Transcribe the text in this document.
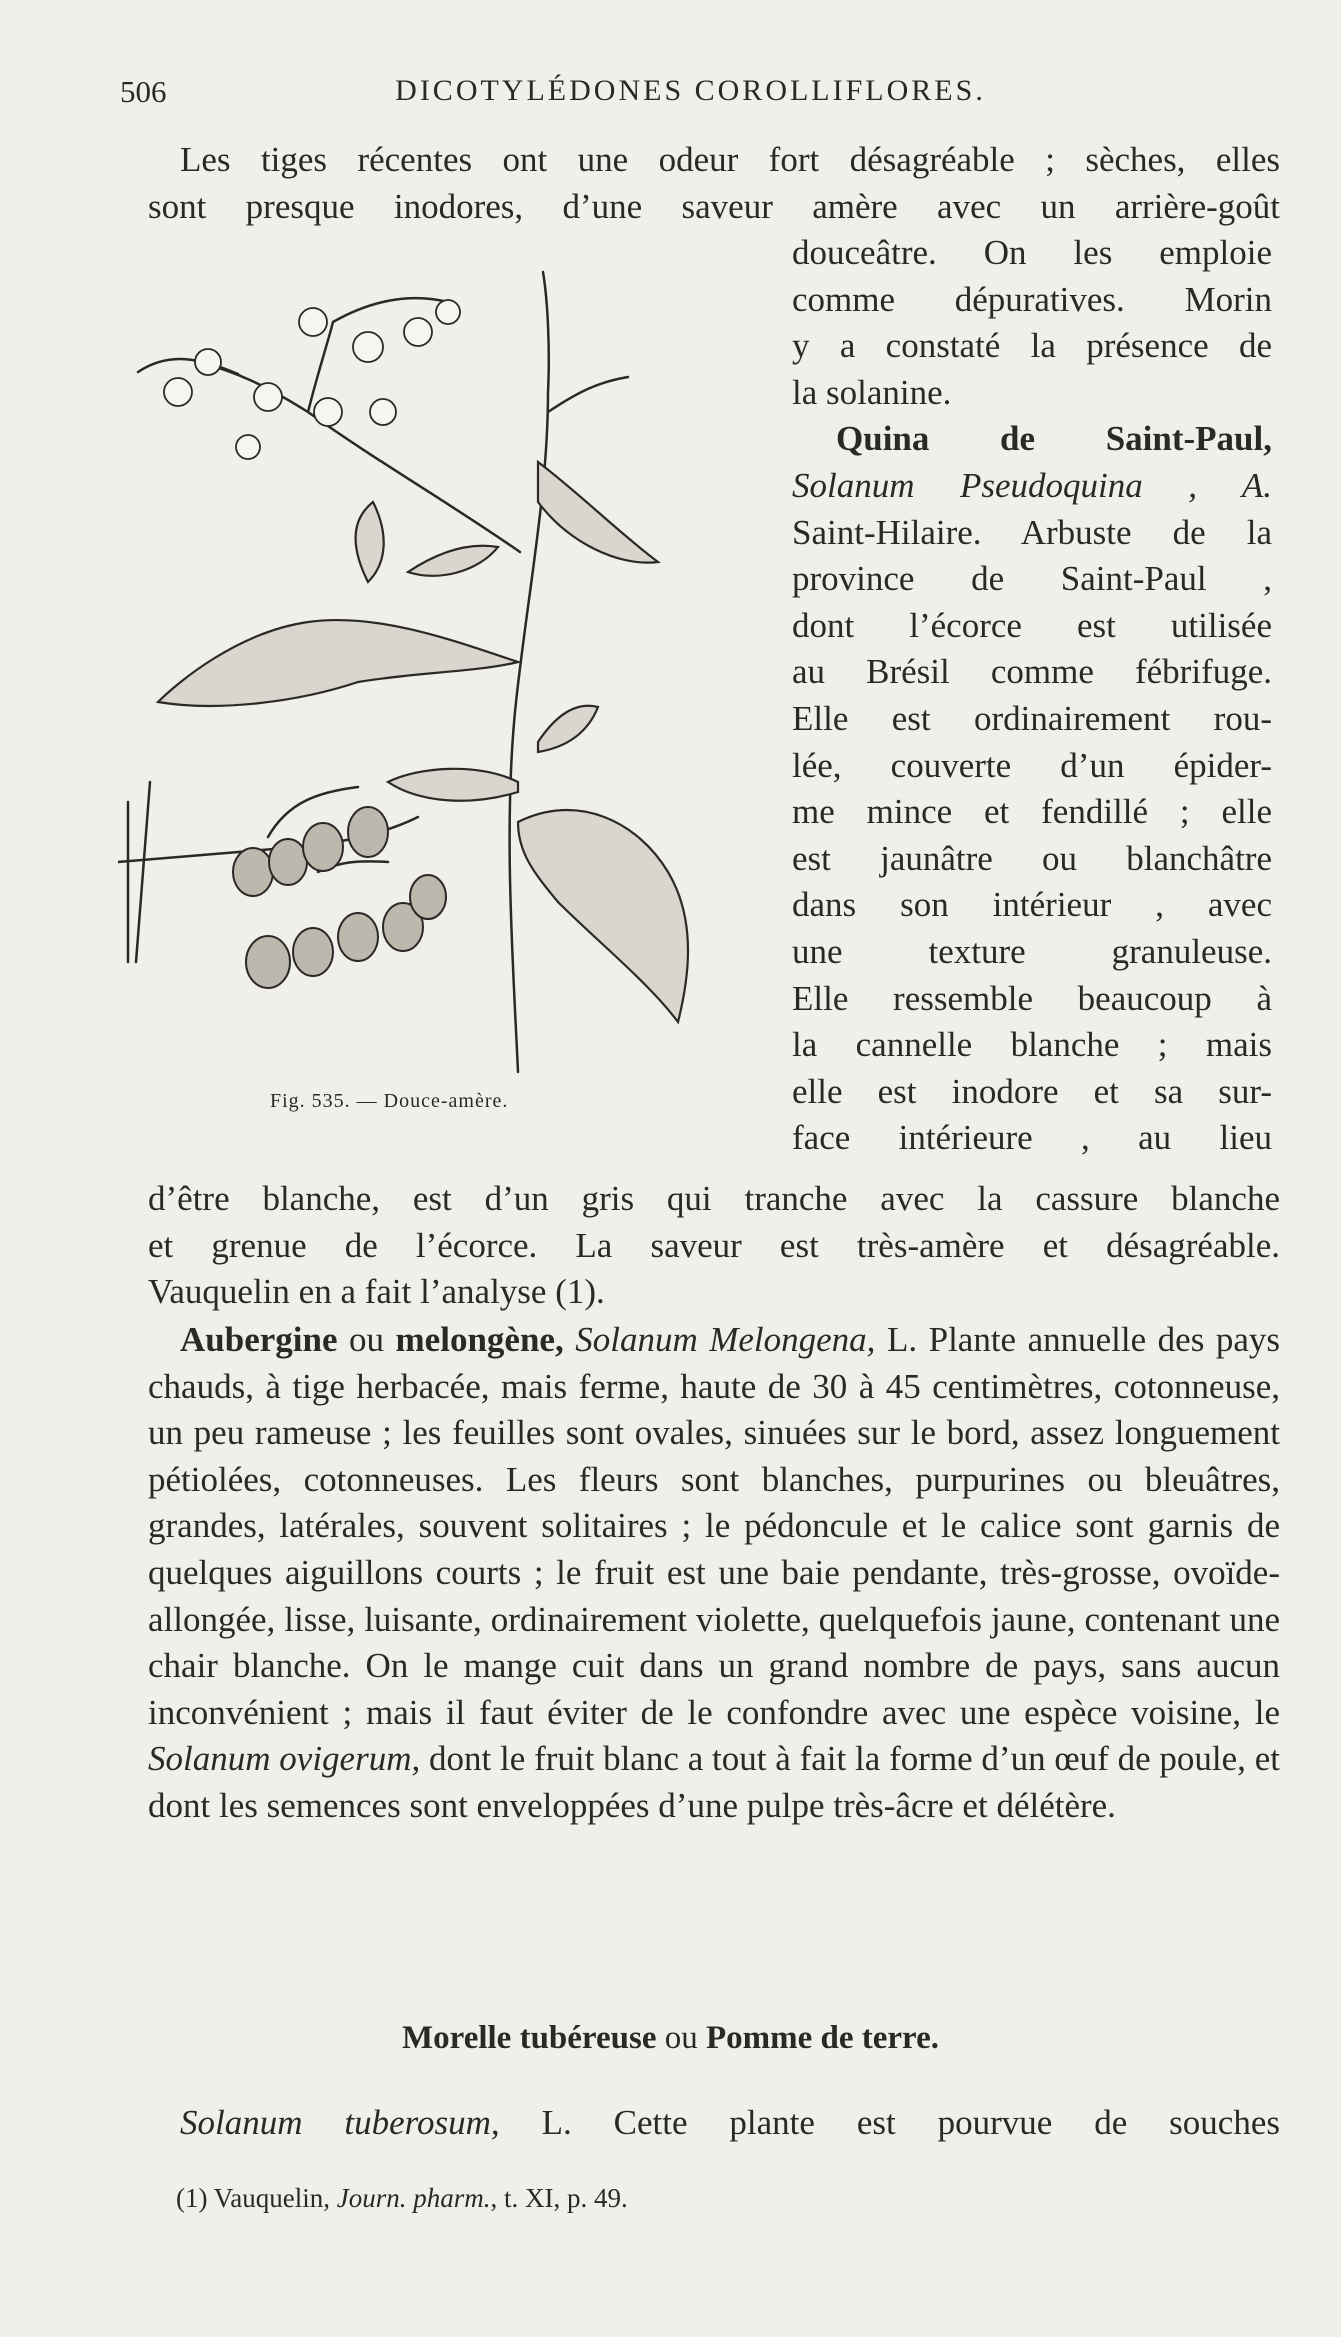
506	DICOTYLÉDONES COROLLIFLORES.
Les tiges récentes ont une odeur fort désagréable ; sèches, elles
sont presque inodores, d’une saveur amère avec un arrière-goût
douceâtre. On les emploie
comme dépuratives. Morin
y a constaté la présence de
la solanine.
Quina de Saint-Paul,
Solanum Pseudoquina , A.
Saint-Hilaire. Arbuste de la
province de Saint-Paul ,
dont l’écorce est utilisée
au Brésil comme fébrifuge.
Elle est ordinairement rou-
lée, couverte d’un épider-
me mince et fendillé ; elle
est jaunâtre ou blanchâtre
dans son intérieur , avec
une texture granuleuse.
Elle ressemble beaucoup à
la cannelle blanche ; mais
elle est inodore et sa sur-
face intérieure , au lieu
Fig. 535. — Douce-amère.
d’être blanche, est d’un gris qui tranche avec la cassure blanche
et grenue de l’écorce. La saveur est très-amère et désagréable.
Vauquelin en a fait l’analyse (1).

Aubergine ou melongène, Solanum Melongena, L. Plante annuelle des pays chauds, à tige herbacée, mais ferme, haute de 30 à 45 centimètres, cotonneuse, un peu rameuse ; les feuilles sont ovales, sinuées sur le bord, assez longuement pétiolées, cotonneuses. Les fleurs sont blanches, purpurines ou bleuâtres, grandes, latérales, souvent solitaires ; le pédoncule et le calice sont garnis de quelques aiguillons courts ; le fruit est une baie pendante, très-grosse, ovoïde-allongée, lisse, luisante, ordinairement violette, quelquefois jaune, contenant une chair blanche. On le mange cuit dans un grand nombre de pays, sans aucun inconvénient ; mais il faut éviter de le confondre avec une espèce voisine, le Solanum ovigerum, dont le fruit blanc a tout à fait la forme d’un œuf de poule, et dont les semences sont enveloppées d’une pulpe très-âcre et délétère.

Morelle tubéreuse ou Pomme de terre.
Solanum tuberosum, L. Cette plante est pourvue de souches
(1) Vauquelin, Journ. pharm., t. XI, p. 49.
